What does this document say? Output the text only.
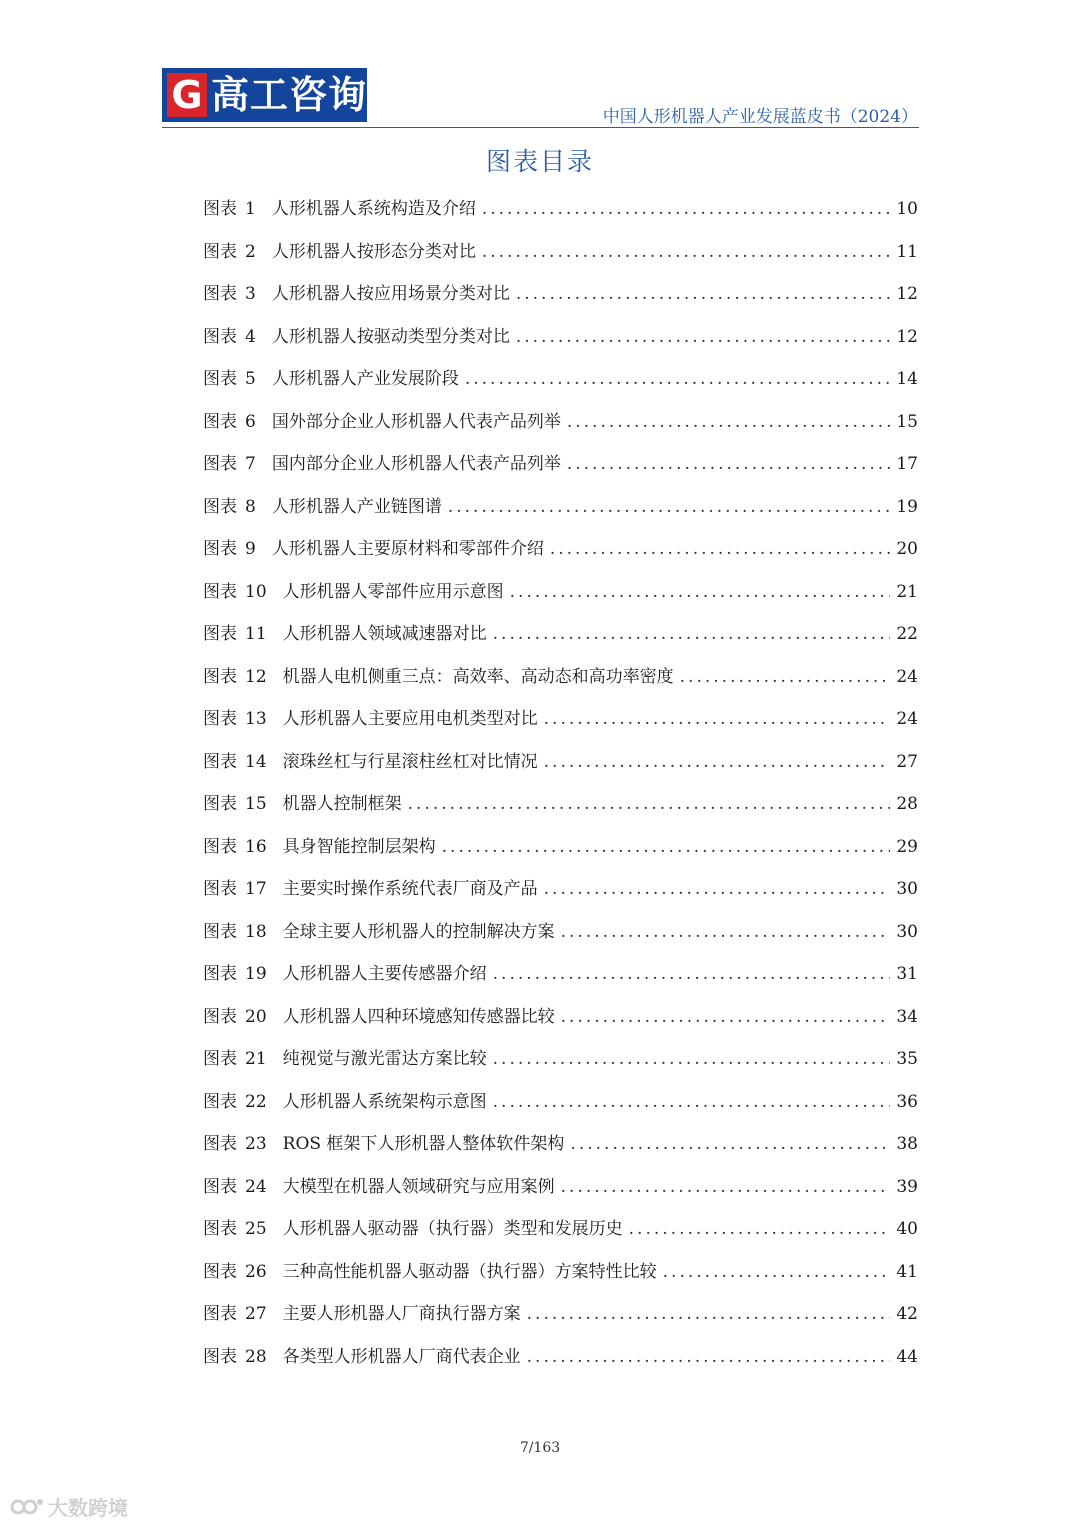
G 高工咨询	中国人形机器人产业发展蓝皮书（2024）
图表目录
图表 1 人形机器人系统构造及介绍 .....	10
图表 2 人形机器人按形态分类对比 .....	11
图表 3 人形机器人按应用场景分类对比 .....	12
图表 4 人形机器人按驱动类型分类对比 .....	12
图表 5 人形机器人产业发展阶段 .....	14
图表 6 国外部分企业人形机器人代表产品列举 .....	15
图表 7 国内部分企业人形机器人代表产品列举 .....	17
图表 8 人形机器人产业链图谱 .....	19
图表 9 人形机器人主要原材料和零部件介绍 .....	20
图表 10 人形机器人零部件应用示意图 .....	21
图表 11 人形机器人领域减速器对比 .....	22
图表 12 机器人电机侧重三点：高效率、高动态和高功率密度 .....	24
图表 13 人形机器人主要应用电机类型对比 .....	24
图表 14 滚珠丝杠与行星滚柱丝杠对比情况 .....	27
图表 15 机器人控制框架 .....	28
图表 16 具身智能控制层架构 .....	29
图表 17 主要实时操作系统代表厂商及产品 .....	30
图表 18 全球主要人形机器人的控制解决方案 .....	30
图表 19 人形机器人主要传感器介绍 .....	31
图表 20 人形机器人四种环境感知传感器比较 .....	34
图表 21 纯视觉与激光雷达方案比较 .....	35
图表 22 人形机器人系统架构示意图 .....	36
图表 23 ROS 框架下人形机器人整体软件架构 .....	38
图表 24 大模型在机器人领域研究与应用案例 .....	39
图表 25 人形机器人驱动器（执行器）类型和发展历史 .....	40
图表 26 三种高性能机器人驱动器（执行器）方案特性比较 .....	41
图表 27 主要人形机器人厂商执行器方案 .....	42
图表 28 各类型人形机器人厂商代表企业 .....	44
7/163
大数跨境
